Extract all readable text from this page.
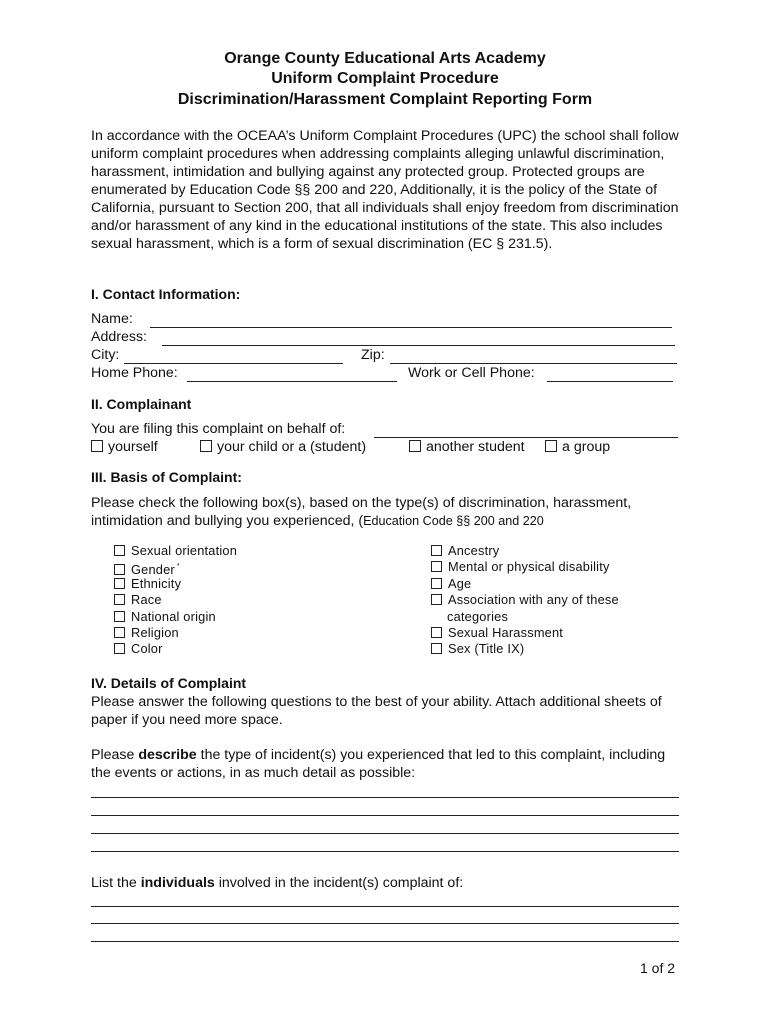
Orange County Educational Arts Academy
Uniform Complaint Procedure
Discrimination/Harassment Complaint Reporting Form

In accordance with the OCEAA’s Uniform Complaint Procedures (UPC) the school shall follow uniform complaint procedures when addressing complaints alleging unlawful discrimination, harassment, intimidation and bullying against any protected group. Protected groups are enumerated by Education Code §§ 200 and 220, Additionally, it is the policy of the State of California, pursuant to Section 200, that all individuals shall enjoy freedom from discrimination and/or harassment of any kind in the educational institutions of the state. This also includes sexual harassment, which is a form of sexual discrimination (EC § 231.5).

I. Contact Information:
Name:
Address:
City:	Zip:
Home Phone:	Work or Cell Phone:
II. Complainant
You are filing this complaint on behalf of:
yourself	your child or a (student)	another student	a group
III. Basis of Complaint:

Please check the following box(s), based on the type(s) of discrimination, harassment, intimidation and bullying you experienced, (Education Code §§ 200 and 220

Sexual orientation
Gender *
Ethnicity
Race
National origin
Religion
Color
Ancestry
Mental or physical disability
Age
Association with any of these
categories
Sexual Harassment
Sex (Title IX)
IV. Details of Complaint

Please answer the following questions to the best of your ability. Attach additional sheets of paper if you need more space.

Please describe the type of incident(s) you experienced that led to this complaint, including the events or actions, in as much detail as possible:

List the individuals involved in the incident(s) complaint of:

1 of 2
